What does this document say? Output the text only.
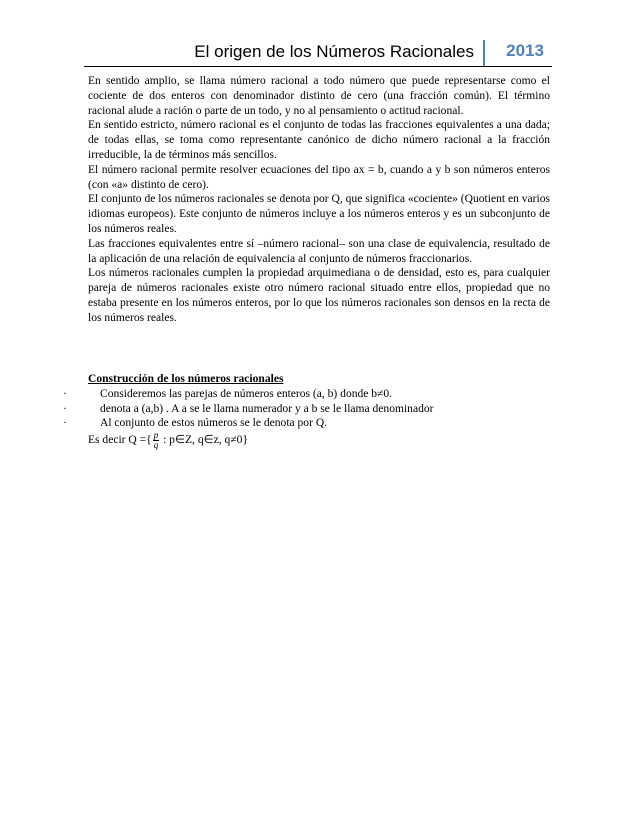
El origen de los Números Racionales 2013

En sentido amplio, se llama número racional a todo número que puede representarse como el cociente de dos enteros con denominador distinto de cero (una fracción común). El término racional alude a ración o parte de un todo, y no al pensamiento o actitud racional.

En sentido estricto, número racional es el conjunto de todas las fracciones equivalentes a una dada; de todas ellas, se toma como representante canónico de dicho número racional a la fracción irreducible, la de términos más sencillos.

El número racional permite resolver ecuaciones del tipo ax = b, cuando a y b son números enteros (con «a» distinto de cero).

El conjunto de los números racionales se denota por Q, que significa «cociente» (Quotient en varios idiomas europeos). Este conjunto de números incluye a los números enteros y es un subconjunto de los números reales.

Las fracciones equivalentes entre sí –número racional– son una clase de equivalencia, resultado de la aplicación de una relación de equivalencia al conjunto de números fraccionarios.

Los números racionales cumplen la propiedad arquimediana o de densidad, esto es, para cualquier pareja de números racionales existe otro número racional situado entre ellos, propiedad que no estaba presente en los números enteros, por lo que los números racionales son densos en la recta de los números reales.

Construcción de los números racionales

·	Consideremos las parejas de números enteros (a, b) donde b≠0.

·	denota a (a,b) . A a se le llama numerador y a b se le llama denominador

·	Al conjunto de estos números se le denota por Q.

Es decir Q ={ $\frac{p}{q}$ : p∈Z, q∈z, q≠0}
